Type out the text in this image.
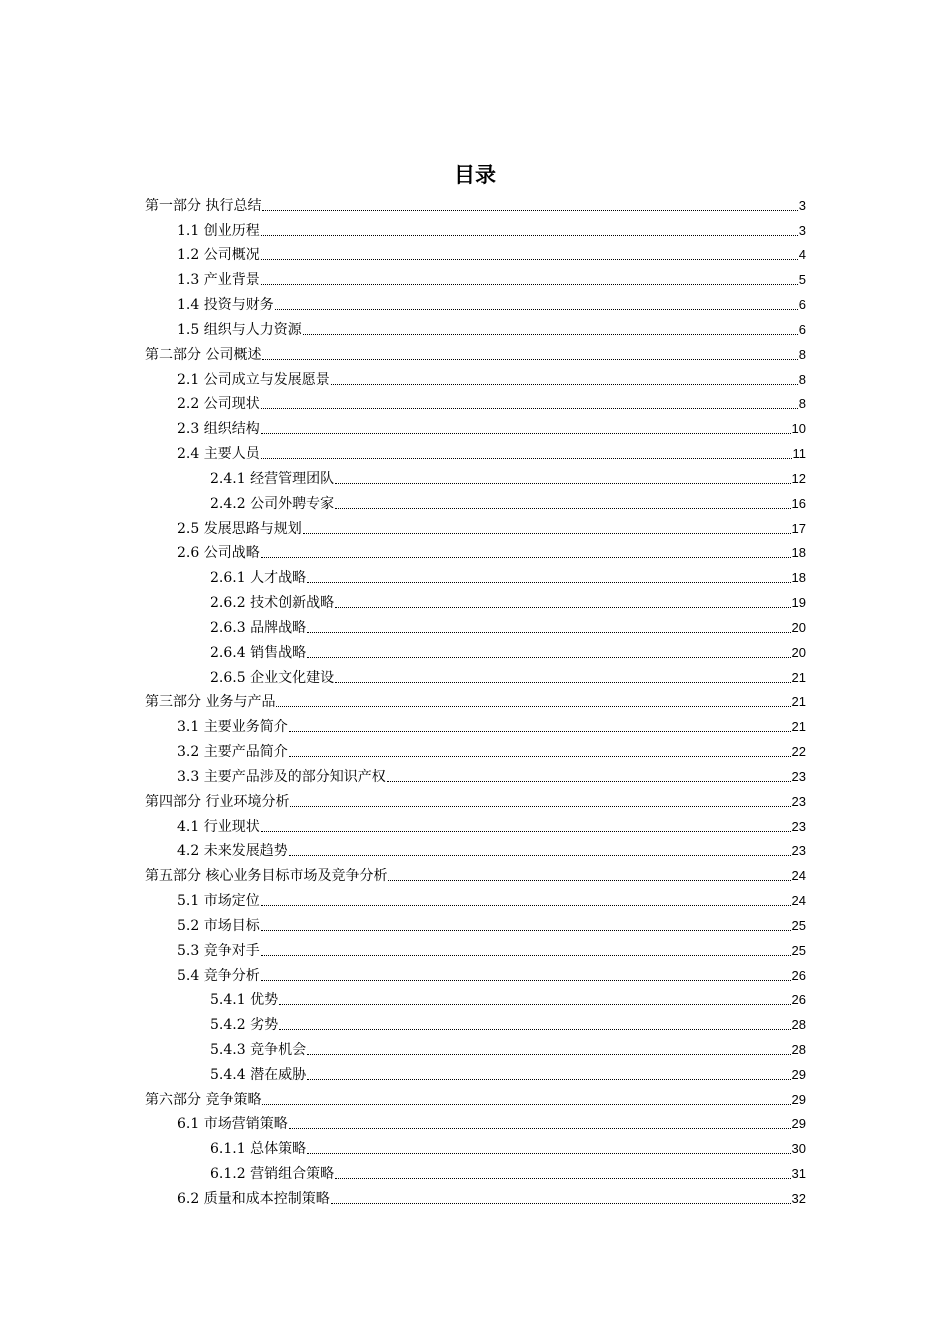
目录
第一部分 执行总结	3
1.1 创业历程	3
1.2 公司概况	4
1.3 产业背景	5
1.4 投资与财务	6
1.5 组织与人力资源	6
第二部分 公司概述	8
2.1 公司成立与发展愿景	8
2.2 公司现状	8
2.3 组织结构	10
2.4 主要人员	11
2.4.1 经营管理团队	12
2.4.2 公司外聘专家	16
2.5 发展思路与规划	17
2.6 公司战略	18
2.6.1 人才战略	18
2.6.2 技术创新战略	19
2.6.3 品牌战略	20
2.6.4 销售战略	20
2.6.5 企业文化建设	21
第三部分 业务与产品	21
3.1 主要业务简介	21
3.2 主要产品简介	22
3.3 主要产品涉及的部分知识产权	23
第四部分 行业环境分析	23
4.1 行业现状	23
4.2 未来发展趋势	23
第五部分 核心业务目标市场及竞争分析	24
5.1 市场定位	24
5.2 市场目标	25
5.3 竞争对手	25
5.4 竞争分析	26
5.4.1 优势	26
5.4.2 劣势	28
5.4.3 竞争机会	28
5.4.4 潜在威胁	29
第六部分 竞争策略	29
6.1 市场营销策略	29
6.1.1 总体策略	30
6.1.2 营销组合策略	31
6.2 质量和成本控制策略	32
